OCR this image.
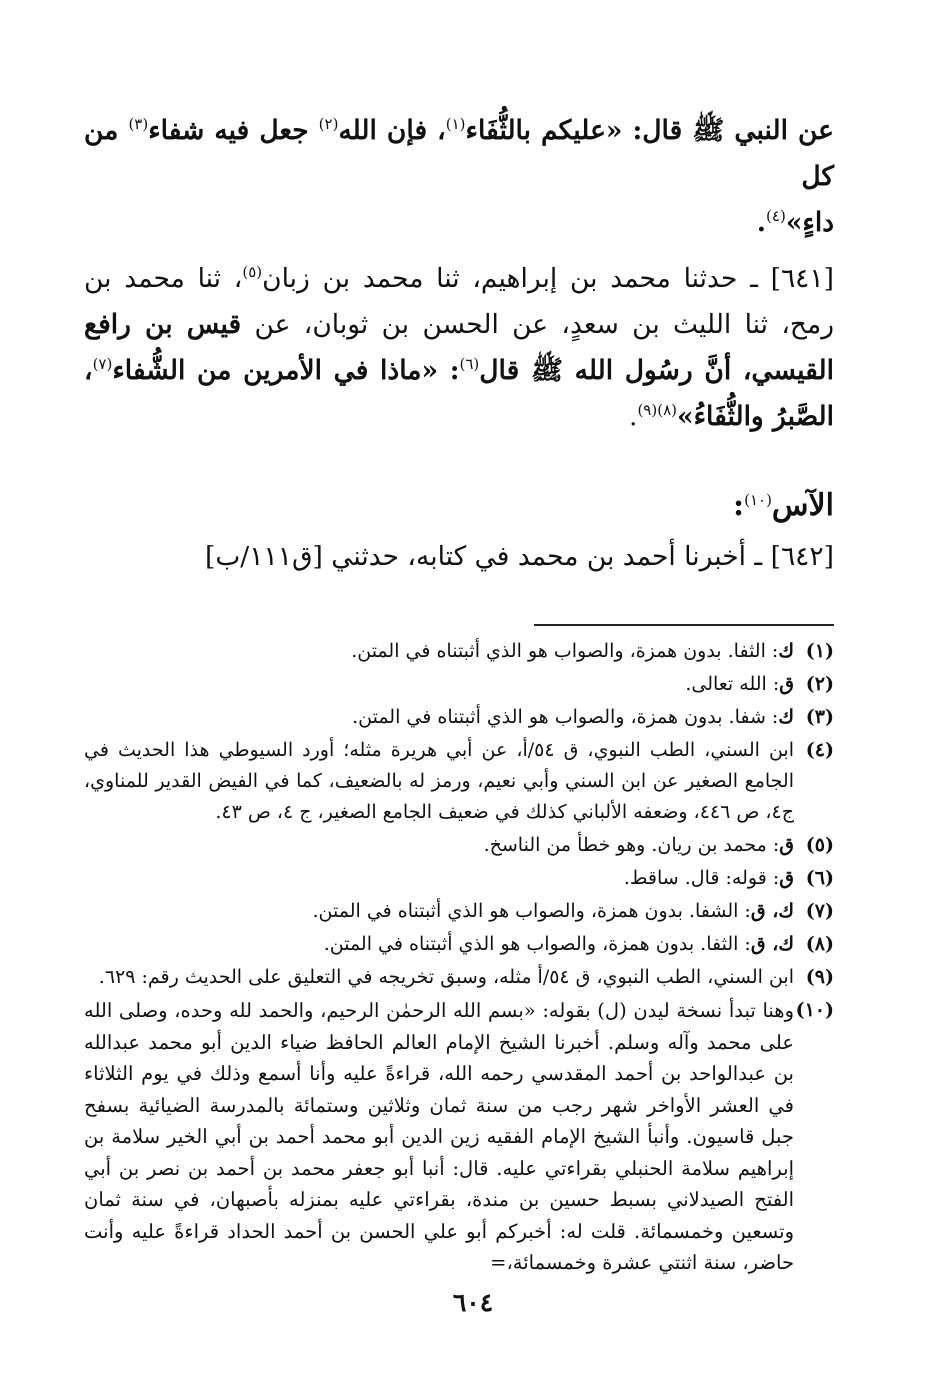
عن النبي ﷺ قال: «عليكم بالثُّفَاء$^{(١)}$، فإن الله$^{(٢)}$ جعل فيه شفاء$^{(٣)}$ من كل
داءٍ»$^{(٤)}$.

[٦٤١] ـ حدثنا محمد بن إبراهيم، ثنا محمد بن زبان$^{(٥)}$، ثنا محمد بن رمح، ثنا الليث بن سعدٍ، عن الحسن بن ثوبان، عن قيس بن رافع القيسي، أنَّ رسُول الله ﷺ قال$^{(٦)}$: «ماذا في الأمرين من الشُّفاء$^{(٧)}$، الصَّبرُ والثُّفَاءُ»$^{(٨)(٩)}$.

الآس$^{(١٠)}$:

[٦٤٢] ـ أخبرنا أحمد بن محمد في كتابه، حدثني [ق١١١/ب]

(١)
ك: الثفا. بدون همزة، والصواب هو الذي أثبتناه في المتن.
(٢)
ق: الله تعالى.
(٣)
ك: شفا. بدون همزة، والصواب هو الذي أثبتناه في المتن.
(٤)
ابن السني، الطب النبوي، ق ٥٤/أ، عن أبي هريرة مثله؛ أورد السيوطي هذا الحديث في الجامع الصغير عن ابن السني وأبي نعيم، ورمز له بالضعيف، كما في الفيض القدير للمناوي، ج٤، ص ٤٤٦، وضعفه الألباني كذلك في ضعيف الجامع الصغير، ج ٤، ص ٤٣.
(٥)
ق: محمد بن ريان. وهو خطأ من الناسخ.
(٦)
ق: قوله: قال. ساقط.
(٧)
ك، ق: الشفا. بدون همزة، والصواب هو الذي أثبتناه في المتن.
(٨)
ك، ق: الثفا. بدون همزة، والصواب هو الذي أثبتناه في المتن.
(٩)
ابن السني، الطب النبوي، ق ٥٤/أ مثله، وسبق تخريجه في التعليق على الحديث رقم: ٦٢٩.
(١٠)
وهنا تبدأ نسخة ليدن (ل) بقوله: «بسم الله الرحمٰن الرحيم، والحمد لله وحده، وصلى الله على محمد وآله وسلم. أخبرنا الشيخ الإمام العالم الحافظ ضياء الدين أبو محمد عبدالله بن عبدالواحد بن أحمد المقدسي رحمه الله، قراءةً عليه وأنا أسمع وذلك في يوم الثلاثاء في العشر الأواخر شهر رجب من سنة ثمان وثلاثين وستمائة بالمدرسة الضيائية بسفح جبل قاسيون. وأنبأ الشيخ الإمام الفقيه زين الدين أبو محمد أحمد بن أبي الخير سلامة بن إبراهيم سلامة الحنبلي بقراءتي عليه. قال: أنبا أبو جعفر محمد بن أحمد بن نصر بن أبي الفتح الصيدلاني بسبط حسين بن مندة، بقراءتي عليه بمنزله بأصبهان، في سنة ثمان وتسعين وخمسمائة. قلت له: أخبركم أبو علي الحسن بن أحمد الحداد قراءةً عليه وأنت حاضر، سنة اثنتي عشرة وخمسمائة،=
٦٠٤
